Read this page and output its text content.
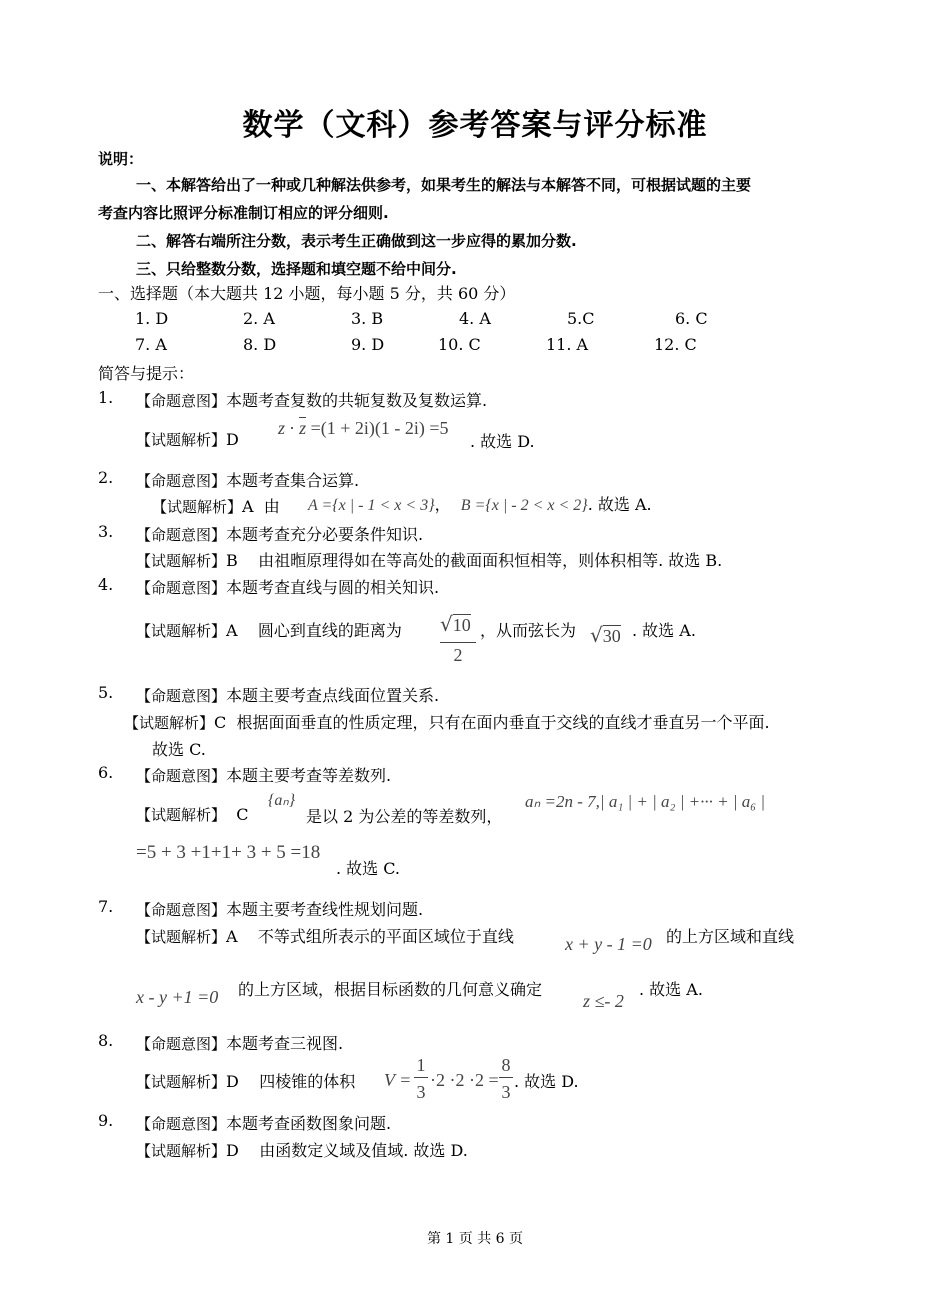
数学（文科）参考答案与评分标准
说明：
一、本解答给出了一种或几种解法供参考，如果考生的解法与本解答不同，可根据试题的主要
考查内容比照评分标准制订相应的评分细则.
二、解答右端所注分数，表示考生正确做到这一步应得的累加分数.
三、只给整数分数，选择题和填空题不给中间分.
一、选择题（本大题共 12 小题，每小题 5 分，共 60 分）
1. D	2. A	3. B	4. A	5.C	6. C
7. A	8. D	9. D	10. C	11. A	12. C
简答与提示：
1. 【命题意图】本题考查复数的共轭复数及复数运算.
【试题解析】D
z · z =(1 + 2i)(1 - 2i) =5
. 故选 D.
2. 【命题意图】本题考查集合运算.
【试题解析】A 由 A ={x | - 1 < x < 3}， B ={x | - 2 < x < 2}. 故选 A.
3. 【命题意图】本题考查充分必要条件知识.
【试题解析】B 由祖暅原理得如在等高处的截面面积恒相等，则体积相等. 故选 B.
4. 【命题意图】本题考查直线与圆的相关知识.
【试题解析】A 圆心到直线的距离为 √10
2
，从而弦长为 √30 . 故选 A.
5. 【命题意图】本题主要考查点线面位置关系.
【试题解析】C 根据面面垂直的性质定理，只有在面内垂直于交线的直线才垂直另一个平面.
故选 C.
6. 【命题意图】本题主要考查等差数列.
【试题解析】 C
{aₙ}
是以 2 为公差的等差数列，
aₙ =2n - 7,| a₁ | + | a₂ | +··· + | a₆ |
=5 + 3 +1+1+ 3 + 5 =18
. 故选 C.
7. 【命题意图】本题主要考查线性规划问题.
【试题解析】A 不等式组所表示的平面区域位于直线	x + y - 1 =0 的上方区域和直线
x - y +1 =0 的上方区域，根据目标函数的几何意义确定
z ≤- 2
. 故选 A.
8. 【命题意图】本题考查三视图.
【试题解析】D 四棱锥的体积 V =
1
3
·2 ·2 ·2 =
8
3
. 故选 D.
9. 【命题意图】本题考查函数图象问题.
【试题解析】D 由函数定义域及值域. 故选 D.
第 1 页 共 6 页
